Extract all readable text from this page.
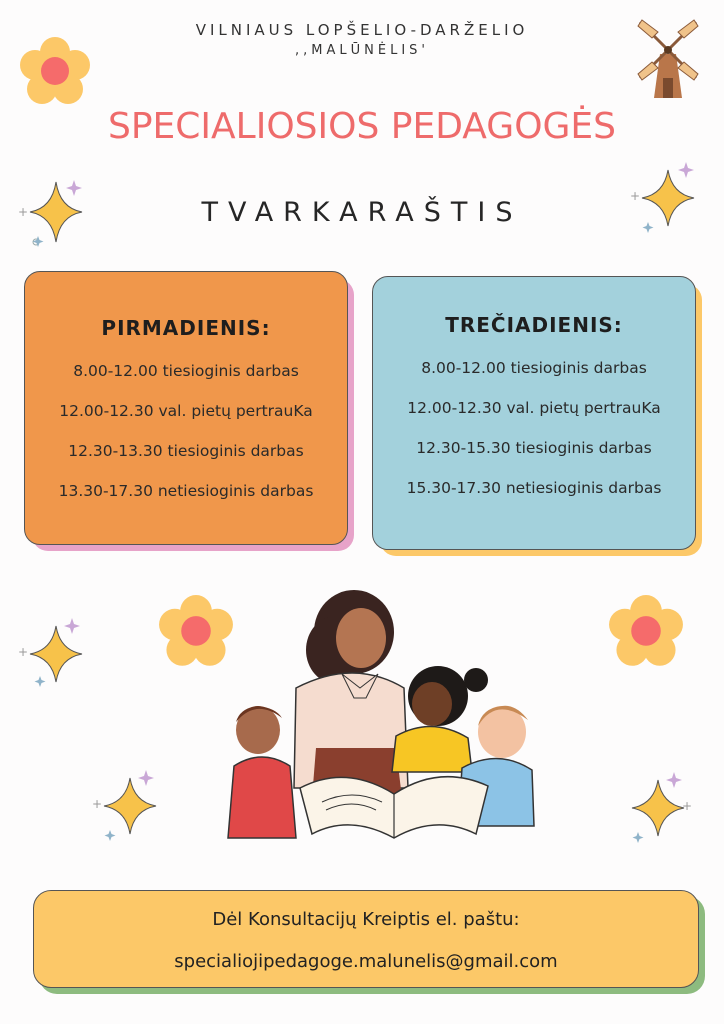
VILNIAUS LOPŠELIO-DARŽELIO
,,MALŪNĖLIS'
SPECIALIOSIOS PEDAGOGĖS
+
+
TVARKARAŠTIS
PIRMADIENIS:
8.00-12.00 tiesioginis darbas
12.00-12.30 val. pietų pertrauKa
12.30-13.30 tiesioginis darbas
13.30-17.30 netiesioginis darbas
TREČIADIENIS:
8.00-12.00 tiesioginis darbas
12.00-12.30 val. pietų pertrauKa
12.30-15.30 tiesioginis darbas
15.30-17.30 netiesioginis darbas
+
+	+
Dėl Konsultacijų Kreiptis el. paštu:
specialiojipedagoge.malunelis@gmail.com
